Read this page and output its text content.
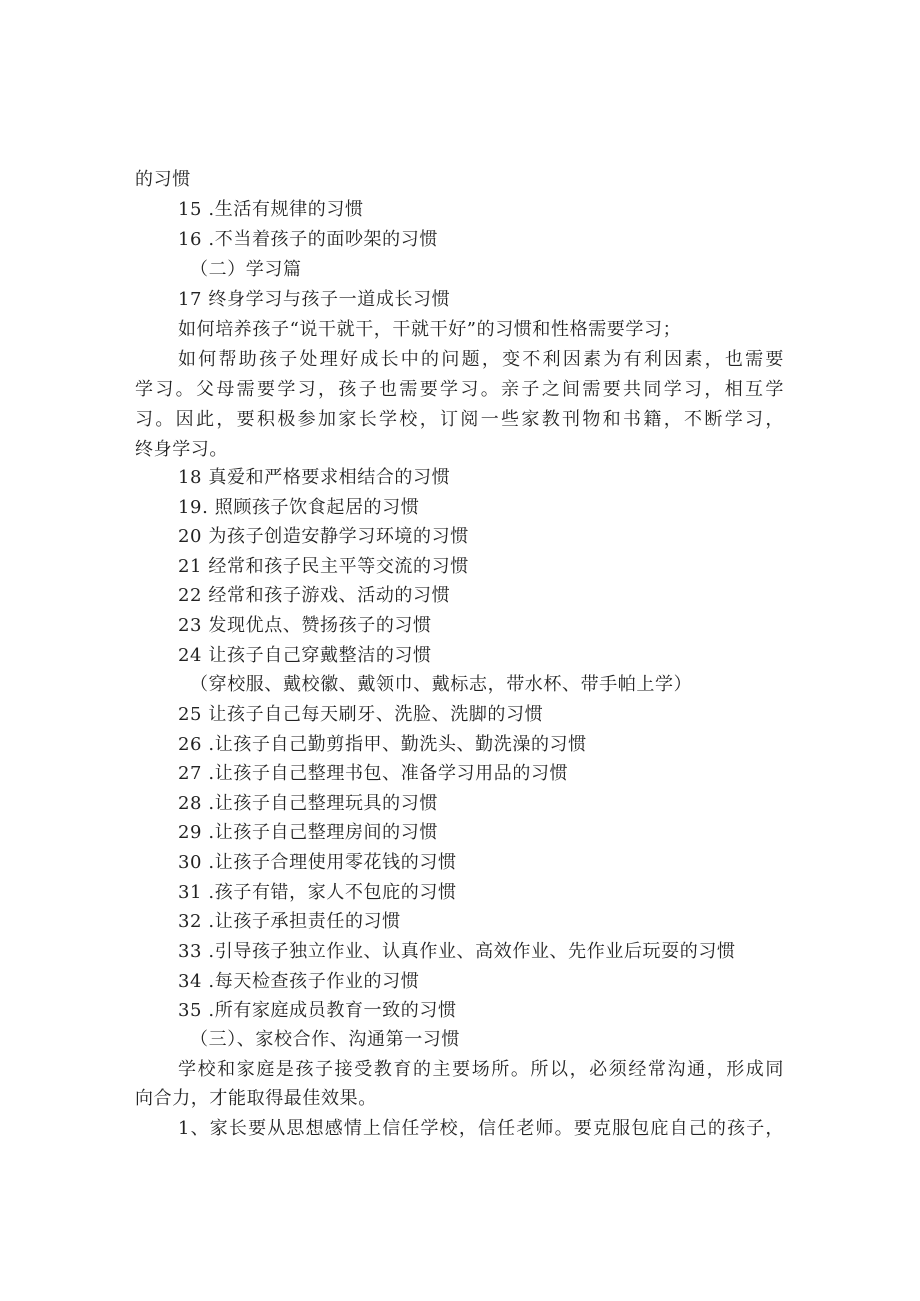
的习惯
15 .生活有规律的习惯
16 .不当着孩子的面吵架的习惯
（二）学习篇
17 终身学习与孩子一道成长习惯
如何培养孩子“说干就干，干就干好”的习惯和性格需要学习；
如何帮助孩子处理好成长中的问题，变不利因素为有利因素，也需要
学习。父母需要学习，孩子也需要学习。亲子之间需要共同学习，相互学
习。因此，要积极参加家长学校，订阅一些家教刊物和书籍，不断学习，
终身学习。
18 真爱和严格要求相结合的习惯
19. 照顾孩子饮食起居的习惯
20 为孩子创造安静学习环境的习惯
21 经常和孩子民主平等交流的习惯
22 经常和孩子游戏、活动的习惯
23 发现优点、赞扬孩子的习惯
24 让孩子自己穿戴整洁的习惯
（穿校服、戴校徽、戴领巾、戴标志，带水杯、带手帕上学）
25 让孩子自己每天刷牙、洗脸、洗脚的习惯
26 .让孩子自己勤剪指甲、勤洗头、勤洗澡的习惯
27 .让孩子自己整理书包、准备学习用品的习惯
28 .让孩子自己整理玩具的习惯
29 .让孩子自己整理房间的习惯
30 .让孩子合理使用零花钱的习惯
31 .孩子有错，家人不包庇的习惯
32 .让孩子承担责任的习惯
33 .引导孩子独立作业、认真作业、高效作业、先作业后玩耍的习惯
34 .每天检查孩子作业的习惯
35 .所有家庭成员教育一致的习惯
（三）、家校合作、沟通第一习惯
学校和家庭是孩子接受教育的主要场所。所以，必须经常沟通，形成同
向合力，才能取得最佳效果。
1、家长要从思想感情上信任学校，信任老师。要克服包庇自己的孩子，
